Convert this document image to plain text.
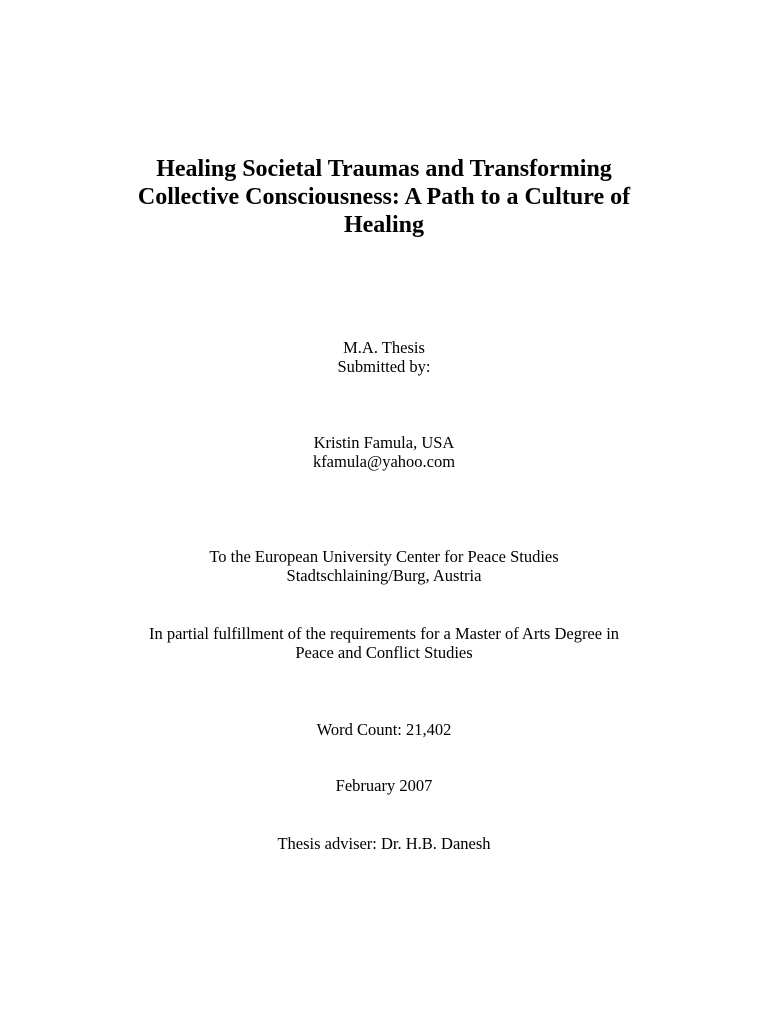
Healing Societal Traumas and Transforming
Collective Consciousness: A Path to a Culture of
Healing
M.A. Thesis
Submitted by:
Kristin Famula, USA
kfamula@yahoo.com
To the European University Center for Peace Studies
Stadtschlaining/Burg, Austria
In partial fulfillment of the requirements for a Master of Arts Degree in
Peace and Conflict Studies
Word Count: 21,402
February 2007
Thesis adviser: Dr. H.B. Danesh
